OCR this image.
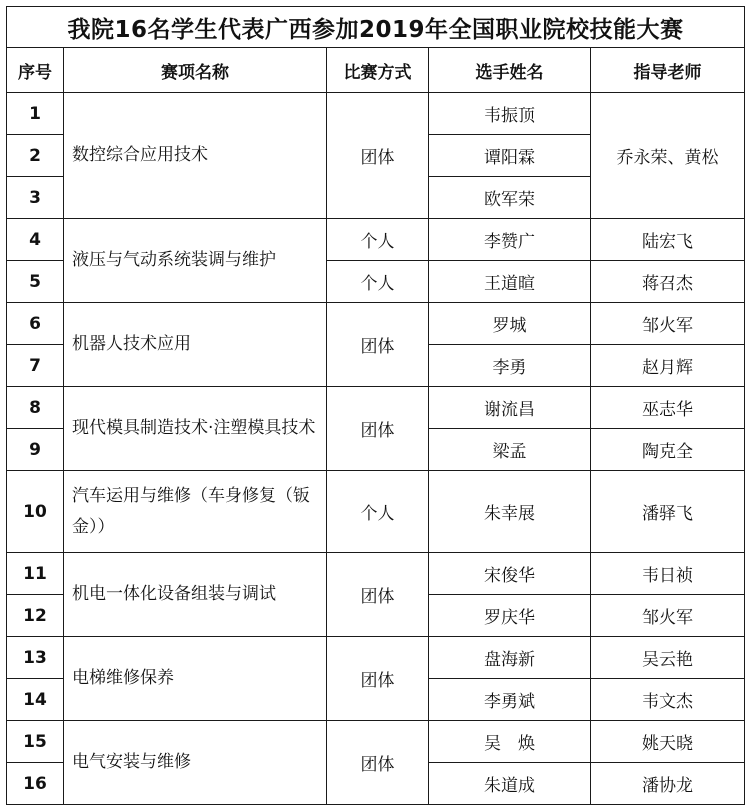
我院16名学生代表广西参加2019年全国职业院校技能大赛				
序号	赛项名称	比赛方式	选手姓名	指导老师
1	数控综合应用技术	团体	韦振顶	乔永荣、黄松
2			谭阳霖	
3			欧军荣	
4	液压与气动系统装调与维护	个人	李赞广	陆宏飞
5		个人	王道暄	蒋召杰
6	机器人技术应用	团体	罗城	邹火军
7			李勇	赵月辉
8	现代模具制造技术·注塑模具技术	团体	谢流昌	巫志华
9			梁孟	陶克全
10	汽车运用与维修（车身修复（钣金））	个人	朱幸展	潘驿飞
11	机电一体化设备组装与调试	团体	宋俊华	韦日祯
12			罗庆华	邹火军
13	电梯维修保养	团体	盘海新	吴云艳
14			李勇斌	韦文杰
15	电气安装与维修	团体	吴　焕	姚天晓
16			朱道成	潘协龙
